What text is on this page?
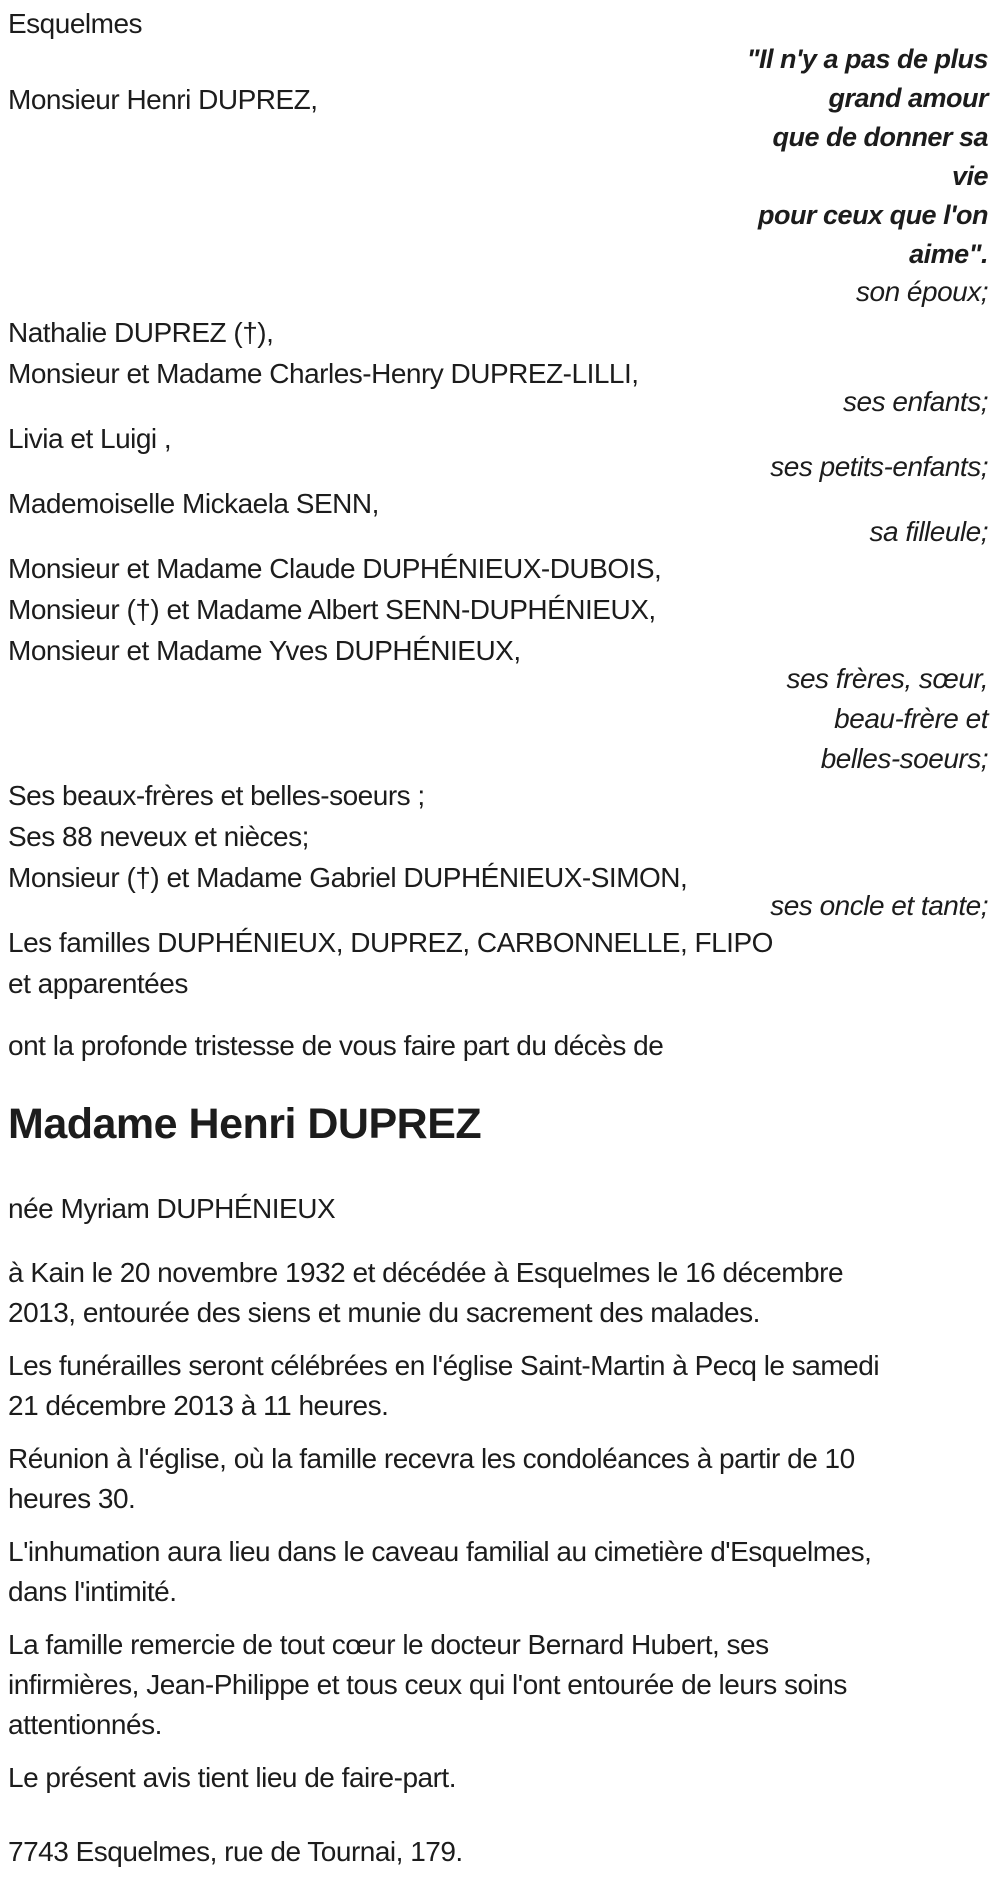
Esquelmes
Monsieur Henri DUPREZ,
"Il n'y a pas de plus
grand amour
que de donner sa
vie
pour ceux que l'on
aime".
son époux;
Nathalie DUPREZ (†),
Monsieur et Madame Charles-Henry DUPREZ-LILLI,
ses enfants;
Livia et Luigi ,
ses petits-enfants;
Mademoiselle Mickaela SENN,
sa filleule;
Monsieur et Madame Claude DUPHÉNIEUX-DUBOIS,
Monsieur (†) et Madame Albert SENN-DUPHÉNIEUX,
Monsieur et Madame Yves DUPHÉNIEUX,
ses frères, sœur,
beau-frère et
belles-soeurs;
Ses beaux-frères et belles-soeurs ;
Ses 88 neveux et nièces;
Monsieur (†) et Madame Gabriel DUPHÉNIEUX-SIMON,
ses oncle et tante;
Les familles DUPHÉNIEUX, DUPREZ, CARBONNELLE, FLIPO
et apparentées
ont la profonde tristesse de vous faire part du décès de
Madame Henri DUPREZ
née Myriam DUPHÉNIEUX
à Kain le 20 novembre 1932 et décédée à Esquelmes le 16 décembre
2013, entourée des siens et munie du sacrement des malades.
Les funérailles seront célébrées en l'église Saint-Martin à Pecq le samedi
21 décembre 2013 à 11 heures.
Réunion à l'église, où la famille recevra les condoléances à partir de 10
heures 30.
L'inhumation aura lieu dans le caveau familial au cimetière d'Esquelmes,
dans l'intimité.
La famille remercie de tout cœur le docteur Bernard Hubert, ses
infirmières, Jean-Philippe et tous ceux qui l'ont entourée de leurs soins
attentionnés.
Le présent avis tient lieu de faire-part.
7743 Esquelmes, rue de Tournai, 179.
